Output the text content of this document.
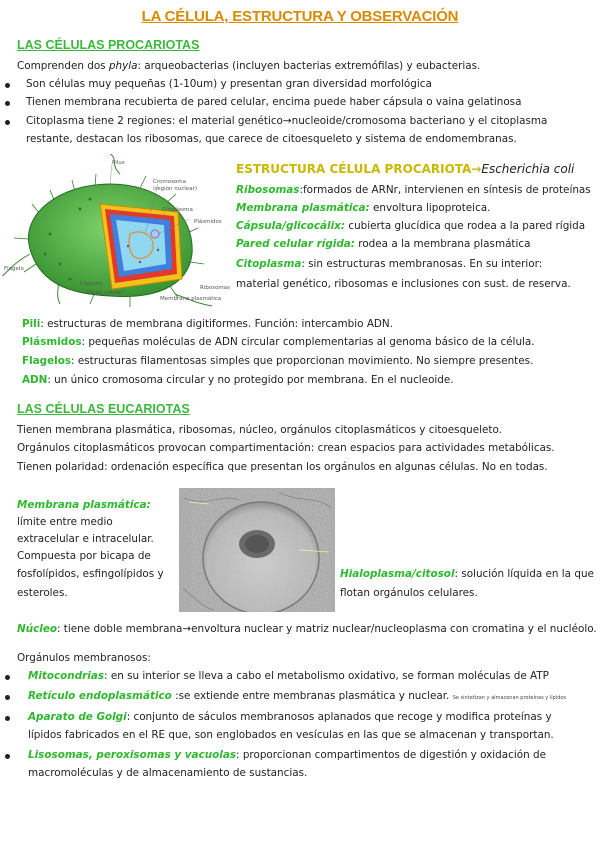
LA CÉLULA, ESTRUCTURA Y OBSERVACIÓN
LAS CÉLULAS PROCARIOTAS
Comprenden dos phyla: arqueobacterias (incluyen bacterias extremófilas) y eubacterias.
Son células muy pequeñas (1-10um) y presentan gran diversidad morfológica
Tienen membrana recubierta de pared celular, encima puede haber cápsula o vaina gelatinosa
Citoplasma tiene 2 regiones: el material genético→nucleoide/cromosoma bacteriano y el citoplasma
restante, destacan los ribosomas, que carece de citoesqueleto y sistema de endomembranas.
Pilus
Cromosoma (región nuclear)
Citoplasma
Plásmidos
Flagelo
Cápsula
Pared celular
Ribosomas
Membrana plasmática
ESTRUCTURA CÉLULA PROCARIOTA→Escherichia coli
Ribosomas:formados de ARNr, intervienen en síntesis de proteínas
Membrana plasmática: envoltura lipoproteica.
Cápsula/glicocálix: cubierta glucídica que rodea a la pared rígida
Pared celular rígida: rodea a la membrana plasmática
Citoplasma: sin estructuras membranosas. En su interior:
material genético, ribosomas e inclusiones con sust. de reserva.
Pili: estructuras de membrana digitiformes. Función: intercambio ADN.
Plásmidos: pequeñas moléculas de ADN circular complementarias al genoma básico de la célula.
Flagelos: estructuras filamentosas simples que proporcionan movimiento. No siempre presentes.
ADN: un único cromosoma circular y no protegido por membrana. En el nucleoide.
LAS CÉLULAS EUCARIOTAS
Tienen membrana plasmática, ribosomas, núcleo, orgánulos citoplasmáticos y citoesqueleto.
Orgánulos citoplasmáticos provocan compartimentación: crean espacios para actividades metabólicas.
Tienen polaridad: ordenación específica que presentan los orgánulos en algunas células. No en todas.
Membrana plasmática:
límite entre medio
extracelular e intracelular.
Compuesta por bicapa de
fosfolípidos, esfingolípidos y
esteroles.
Hialoplasma/citosol: solución líquida en la que
flotan orgánulos celulares.
Núcleo: tiene doble membrana→envoltura nuclear y matriz nuclear/nucleoplasma con cromatina y el nucléolo.
Orgánulos membranosos:
Mitocondrias: en su interior se lleva a cabo el metabolismo oxidativo, se forman moléculas de ATP
Retículo endoplasmático :se extiende entre membranas plasmática y nuclear. Se sintetizan y almacenan proteínas y lípidos
Aparato de Golgi: conjunto de sáculos membranosos aplanados que recoge y modifica proteínas y
lípidos fabricados en el RE que, son englobados en vesículas en las que se almacenan y transportan.
Lisosomas, peroxisomas y vacuolas: proporcionan compartimentos de digestión y oxidación de
macromoléculas y de almacenamiento de sustancias.
